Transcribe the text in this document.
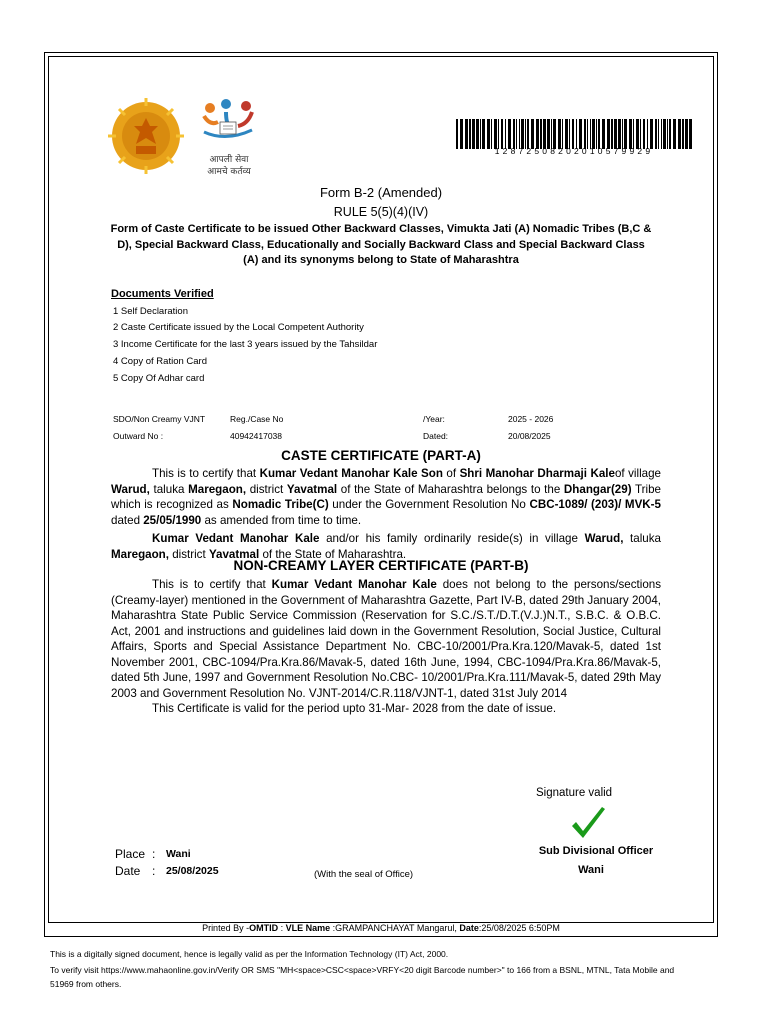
आपली सेवा
आमचे कर्तव्य
12872508202010579929
Form B-2 (Amended)
RULE 5(5)(4)(IV)
Form of Caste Certificate to be issued Other Backward Classes, Vimukta Jati (A) Nomadic Tribes (B,C & D), Special Backward Class, Educationally and Socially Backward Class and Special Backward Class (A) and its synonyms belong to State of Maharashtra
Documents Verified
1 Self Declaration
2 Caste Certificate issued by the Local Competent Authority
3 Income Certificate for the last 3 years issued by the Tahsildar
4 Copy of Ration Card
5 Copy Of Adhar card
SDO/Non Creamy VJNT	Reg./Case No	/Year:	2025 - 2026
Outward No :	40942417038	Dated:	20/08/2025
CASTE CERTIFICATE (PART-A)

This is to certify that Kumar Vedant Manohar Kale Son of Shri Manohar Dharmaji Kaleof village Warud, taluka Maregaon, district Yavatmal of the State of Maharashtra belongs to the Dhangar(29) Tribe which is recognized as Nomadic Tribe(C) under the Government Resolution No CBC-1089/ (203)/ MVK-5 dated 25/05/1990 as amended from time to time.

Kumar Vedant Manohar Kale and/or his family ordinarily reside(s) in village Warud, taluka Maregaon, district Yavatmal of the State of Maharashtra.

NON-CREAMY LAYER CERTIFICATE (PART-B)

This is to certify that Kumar Vedant Manohar Kale does not belong to the persons/sections (Creamy-layer) mentioned in the Government of Maharashtra Gazette, Part IV-B, dated 29th January 2004, Maharashtra State Public Service Commission (Reservation for S.C./S.T./D.T.(V.J.)N.T., S.B.C. & O.B.C. Act, 2001 and instructions and guidelines laid down in the Government Resolution, Social Justice, Cultural Affairs, Sports and Special Assistance Department No. CBC-10/2001/Pra.Kra.120/Mavak-5, dated 1st November 2001, CBC-1094/Pra.Kra.86/Mavak-5, dated 16th June, 1994, CBC-1094/Pra.Kra.86/Mavak-5, dated 5th June, 1997 and Government Resolution No.CBC- 10/2001/Pra.Kra.111/Mavak-5, dated 29th May 2003 and Government Resolution No. VJNT-2014/C.R.118/VJNT-1, dated 31st July 2014

This Certificate is valid for the period upto 31-Mar- 2028 from the date of issue.

Signature valid
Sub Divisional Officer
Wani
Place : Wani
Date : 25/08/2025	(With the seal of Office)
Printed By -OMTID : VLE Name :GRAMPANCHAYAT Mangarul, Date:25/08/2025 6:50PM
This is a digitally signed document, hence is legally valid as per the Information Technology (IT) Act, 2000.
To verify visit https://www.mahaonline.gov.in/Verify OR SMS "MH<space>CSC<space>VRFY<20 digit Barcode number>" to 166 from a BSNL, MTNL, Tata Mobile and
51969 from others.
